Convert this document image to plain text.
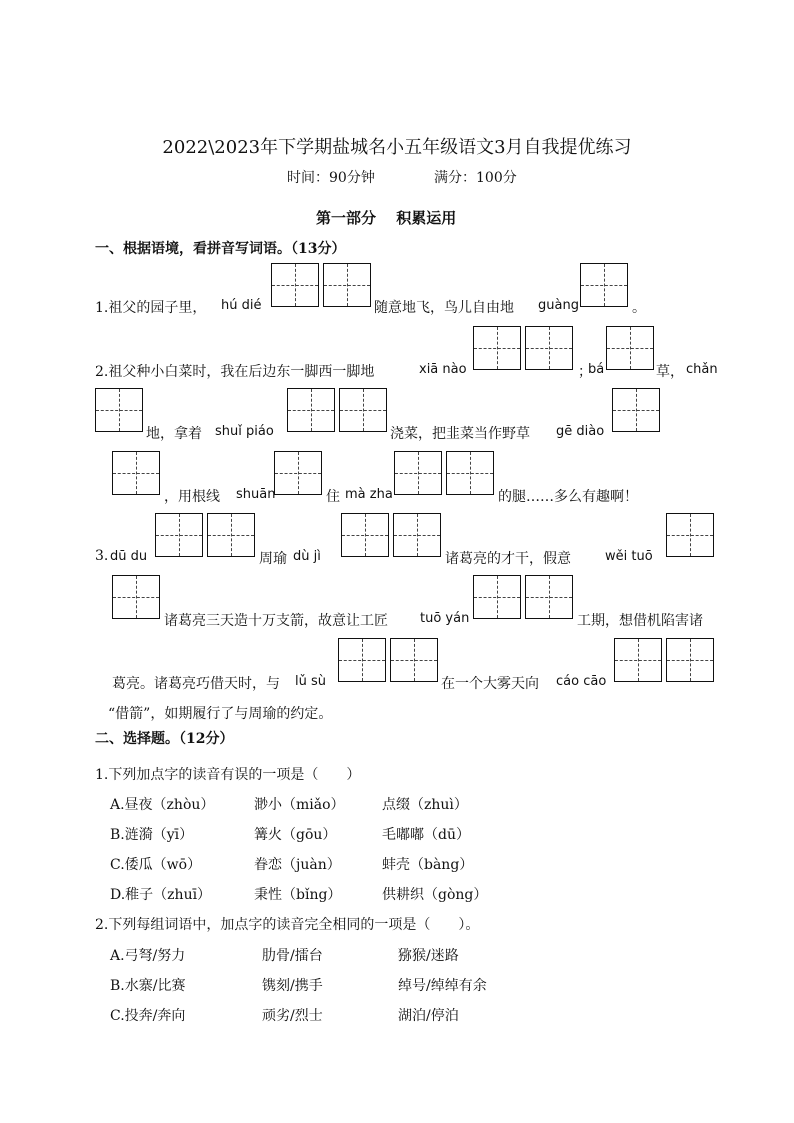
2022\2023年下学期盐城名小五年级语文3月自我提优练习
时间：90分钟	满分：100分
第一部分　 积累运用
一、根据语境，看拼音写词语。（13分）
1.祖父的园子里， hú dié	随意地飞，鸟儿自由地 guàng	。
2.祖父种小白菜时，我在后边东一脚西一脚地	xiā nào	；
bá	草， chǎn
地，拿着 shuǐ piáo	浇菜，把韭菜当作野草 gē diào
，用根线 shuān	住 mà zha	的腿……多么有趣啊！
3. dū du	周瑜 dù jì	诸葛亮的才干，假意	wěi tuō
诸葛亮三天造十万支箭，故意让工匠 tuō yán	工期，想借机陷害诸
葛亮。诸葛亮巧借天时，与 lǔ sù	在一个大雾天向 cáo cāo
“借箭”，如期履行了与周瑜的约定。
二、选择题。（12分）
1.下列加点字的读音有误的一项是（　　）
A.昼夜（zhòu）	渺小（miǎo）	点缀（zhuì）
B.涟漪（yī）	篝火（gōu）	毛嘟嘟（dū）
C.倭瓜（wō）	眷恋（juàn）	蚌壳（bàng）
D.稚子（zhuī）	秉性（bǐng）	供耕织（gòng）
2.下列每组词语中，加点字的读音完全相同的一项是（　　）。
A.弓弩/努力	肋骨/擂台	猕猴/迷路
B.水寨/比赛	镌刻/携手	绰号/绰绰有余
C.投奔/奔向	顽劣/烈士	湖泊/停泊
